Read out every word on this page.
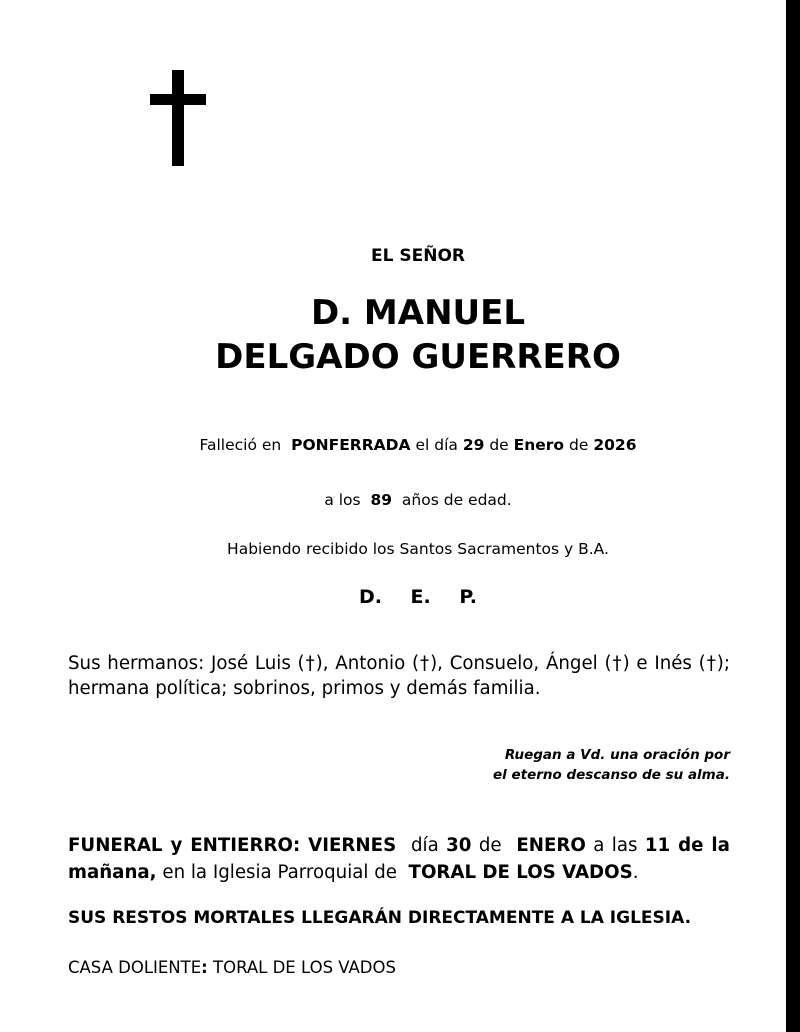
EL SEÑOR
D. MANUEL
DELGADO GUERRERO
Falleció en PONFERRADA el día 29 de Enero de 2026
a los 89 años de edad.
Habiendo recibido los Santos Sacramentos y B.A.
D. E. P.
Sus hermanos: José Luis (†), Antonio (†), Consuelo, Ángel (†) e Inés (†); hermana política; sobrinos, primos y demás familia.
Ruegan a Vd. una oración por
el eterno descanso de su alma.
FUNERAL y ENTIERRO: VIERNES día 30 de ENERO a las 11 de la mañana, en la Iglesia Parroquial de TORAL DE LOS VADOS.
SUS RESTOS MORTALES LLEGARÁN DIRECTAMENTE A LA IGLESIA.
CASA DOLIENTE: TORAL DE LOS VADOS
